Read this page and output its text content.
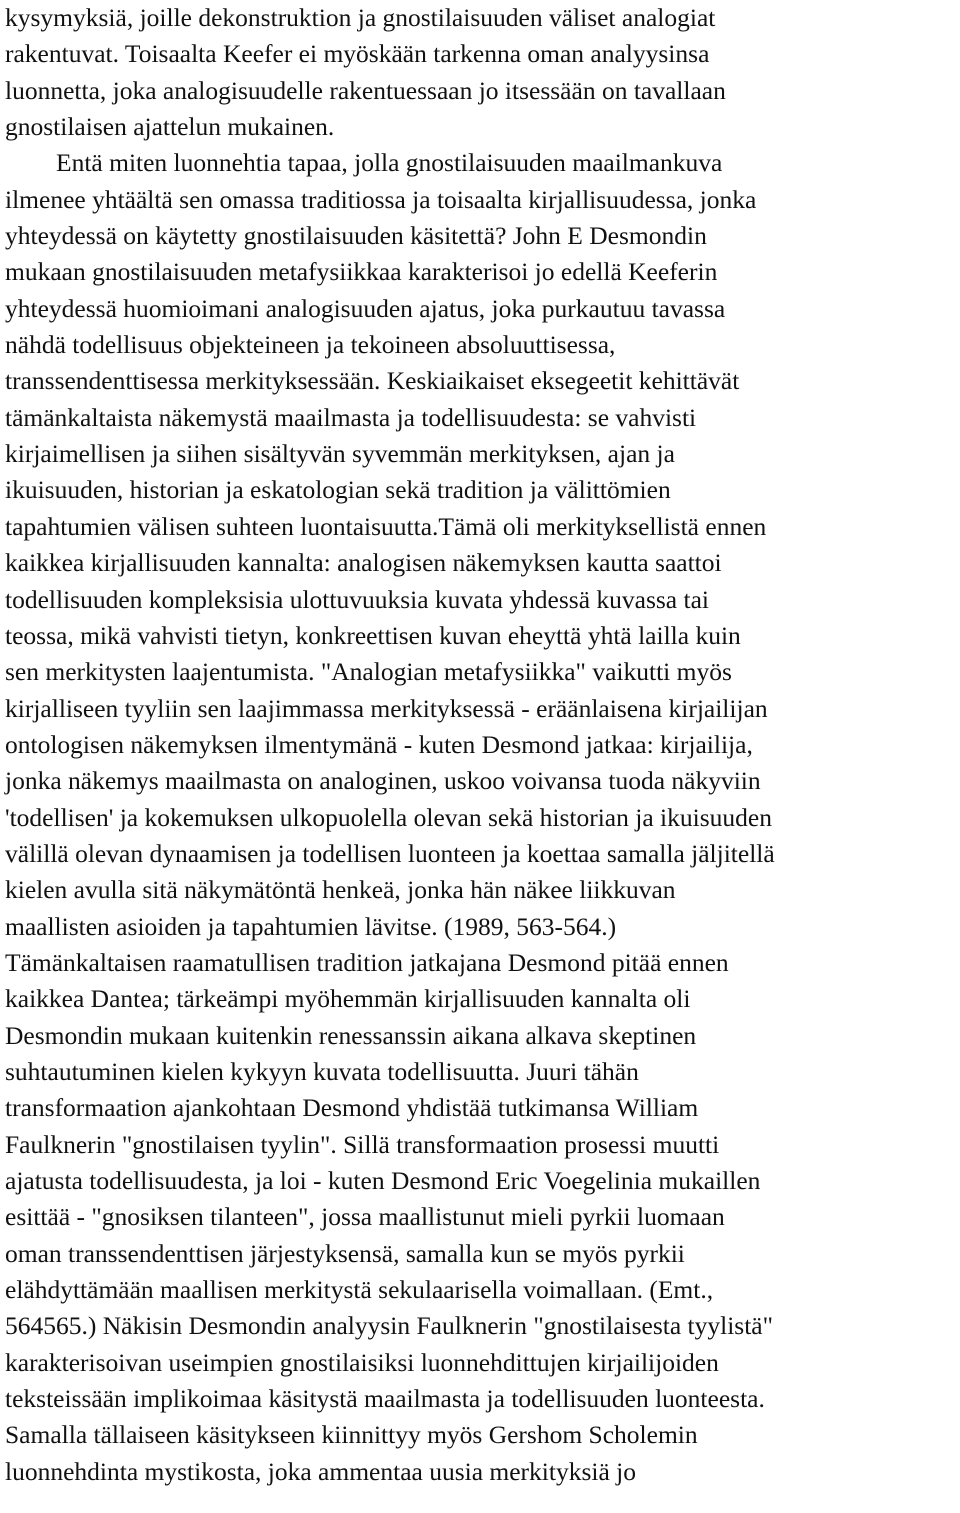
kysymyksiä, joille dekonstruktion ja gnostilaisuuden väliset analogiat
rakentuvat. Toisaalta Keefer ei myöskään tarkenna oman analyysinsa
luonnetta, joka analogisuudelle rakentuessaan jo itsessään on tavallaan
gnostilaisen ajattelun mukainen.
Entä miten luonnehtia tapaa, jolla gnostilaisuuden maailmankuva
ilmenee yhtäältä sen omassa traditiossa ja toisaalta kirjallisuudessa, jonka
yhteydessä on käytetty gnostilaisuuden käsitettä? John E Desmondin
mukaan gnostilaisuuden metafysiikkaa karakterisoi jo edellä Keeferin
yhteydessä huomioimani analogisuuden ajatus, joka purkautuu tavassa
nähdä todellisuus objekteineen ja tekoineen absoluuttisessa,
transsendenttisessa merkityksessään. Keskiaikaiset eksegeetit kehittävät
tämänkaltaista näkemystä maailmasta ja todellisuudesta: se vahvisti
kirjaimellisen ja siihen sisältyvän syvemmän merkityksen, ajan ja
ikuisuuden, historian ja eskatologian sekä tradition ja välittömien
tapahtumien välisen suhteen luontaisuutta.Tämä oli merkityksellistä ennen
kaikkea kirjallisuuden kannalta: analogisen näkemyksen kautta saattoi
todellisuuden kompleksisia ulottuvuuksia kuvata yhdessä kuvassa tai
teossa, mikä vahvisti tietyn, konkreettisen kuvan eheyttä yhtä lailla kuin
sen merkitysten laajentumista. "Analogian metafysiikka" vaikutti myös
kirjalliseen tyyliin sen laajimmassa merkityksessä - eräänlaisena kirjailijan
ontologisen näkemyksen ilmentymänä - kuten Desmond jatkaa: kirjailija,
jonka näkemys maailmasta on analoginen, uskoo voivansa tuoda näkyviin
'todellisen' ja kokemuksen ulkopuolella olevan sekä historian ja ikuisuuden
välillä olevan dynaamisen ja todellisen luonteen ja koettaa samalla jäljitellä
kielen avulla sitä näkymätöntä henkeä, jonka hän näkee liikkuvan
maallisten asioiden ja tapahtumien lävitse. (1989, 563-564.)
Tämänkaltaisen raamatullisen tradition jatkajana Desmond pitää ennen
kaikkea Dantea; tärkeämpi myöhemmän kirjallisuuden kannalta oli
Desmondin mukaan kuitenkin renessanssin aikana alkava skeptinen
suhtautuminen kielen kykyyn kuvata todellisuutta. Juuri tähän
transformaation ajankohtaan Desmond yhdistää tutkimansa William
Faulknerin "gnostilaisen tyylin". Sillä transformaation prosessi muutti
ajatusta todellisuudesta, ja loi - kuten Desmond Eric Voegelinia mukaillen
esittää - "gnosiksen tilanteen", jossa maallistunut mieli pyrkii luomaan
oman transsendenttisen järjestyksensä, samalla kun se myös pyrkii
elähdyttämään maallisen merkitystä sekulaarisella voimallaan. (Emt.,
564565.) Näkisin Desmondin analyysin Faulknerin "gnostilaisesta tyylistä"
karakterisoivan useimpien gnostilaisiksi luonnehdittujen kirjailijoiden
teksteissään implikoimaa käsitystä maailmasta ja todellisuuden luonteesta.
Samalla tällaiseen käsitykseen kiinnittyy myös Gershom Scholemin
luonnehdinta mystikosta, joka ammentaa uusia merkityksiä jo
